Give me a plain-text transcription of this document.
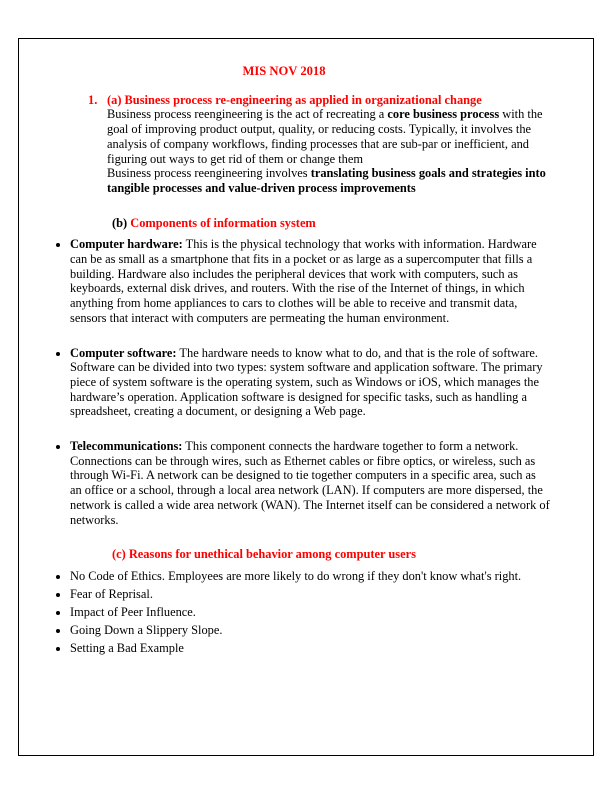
MIS NOV 2018
1. (a) Business process re-engineering as applied in organizational change

Business process reengineering is the act of recreating a core business process with the goal of improving product output, quality, or reducing costs. Typically, it involves the analysis of company workflows, finding processes that are sub-par or inefficient, and figuring out ways to get rid of them or change them

Business process reengineering involves translating business goals and strategies into tangible processes and value-driven process improvements

(b) Components of information system
• Computer hardware: This is the physical technology that works with information. Hardware can be as small as a smartphone that fits in a pocket or as large as a supercomputer that fills a building. Hardware also includes the peripheral devices that work with computers, such as keyboards, external disk drives, and routers. With the rise of the Internet of things, in which anything from home appliances to cars to clothes will be able to receive and transmit data, sensors that interact with computers are permeating the human environment.
• Computer software: The hardware needs to know what to do, and that is the role of software. Software can be divided into two types: system software and application software. The primary piece of system software is the operating system, such as Windows or iOS, which manages the hardware’s operation. Application software is designed for specific tasks, such as handling a spreadsheet, creating a document, or designing a Web page.
• Telecommunications: This component connects the hardware together to form a network. Connections can be through wires, such as Ethernet cables or fibre optics, or wireless, such as through Wi-Fi. A network can be designed to tie together computers in a specific area, such as an office or a school, through a local area network (LAN). If computers are more dispersed, the network is called a wide area network (WAN). The Internet itself can be considered a network of networks.
(c) Reasons for unethical behavior among computer users
• No Code of Ethics. Employees are more likely to do wrong if they don't know what's right.
• Fear of Reprisal.
• Impact of Peer Influence.
• Going Down a Slippery Slope.
• Setting a Bad Example
